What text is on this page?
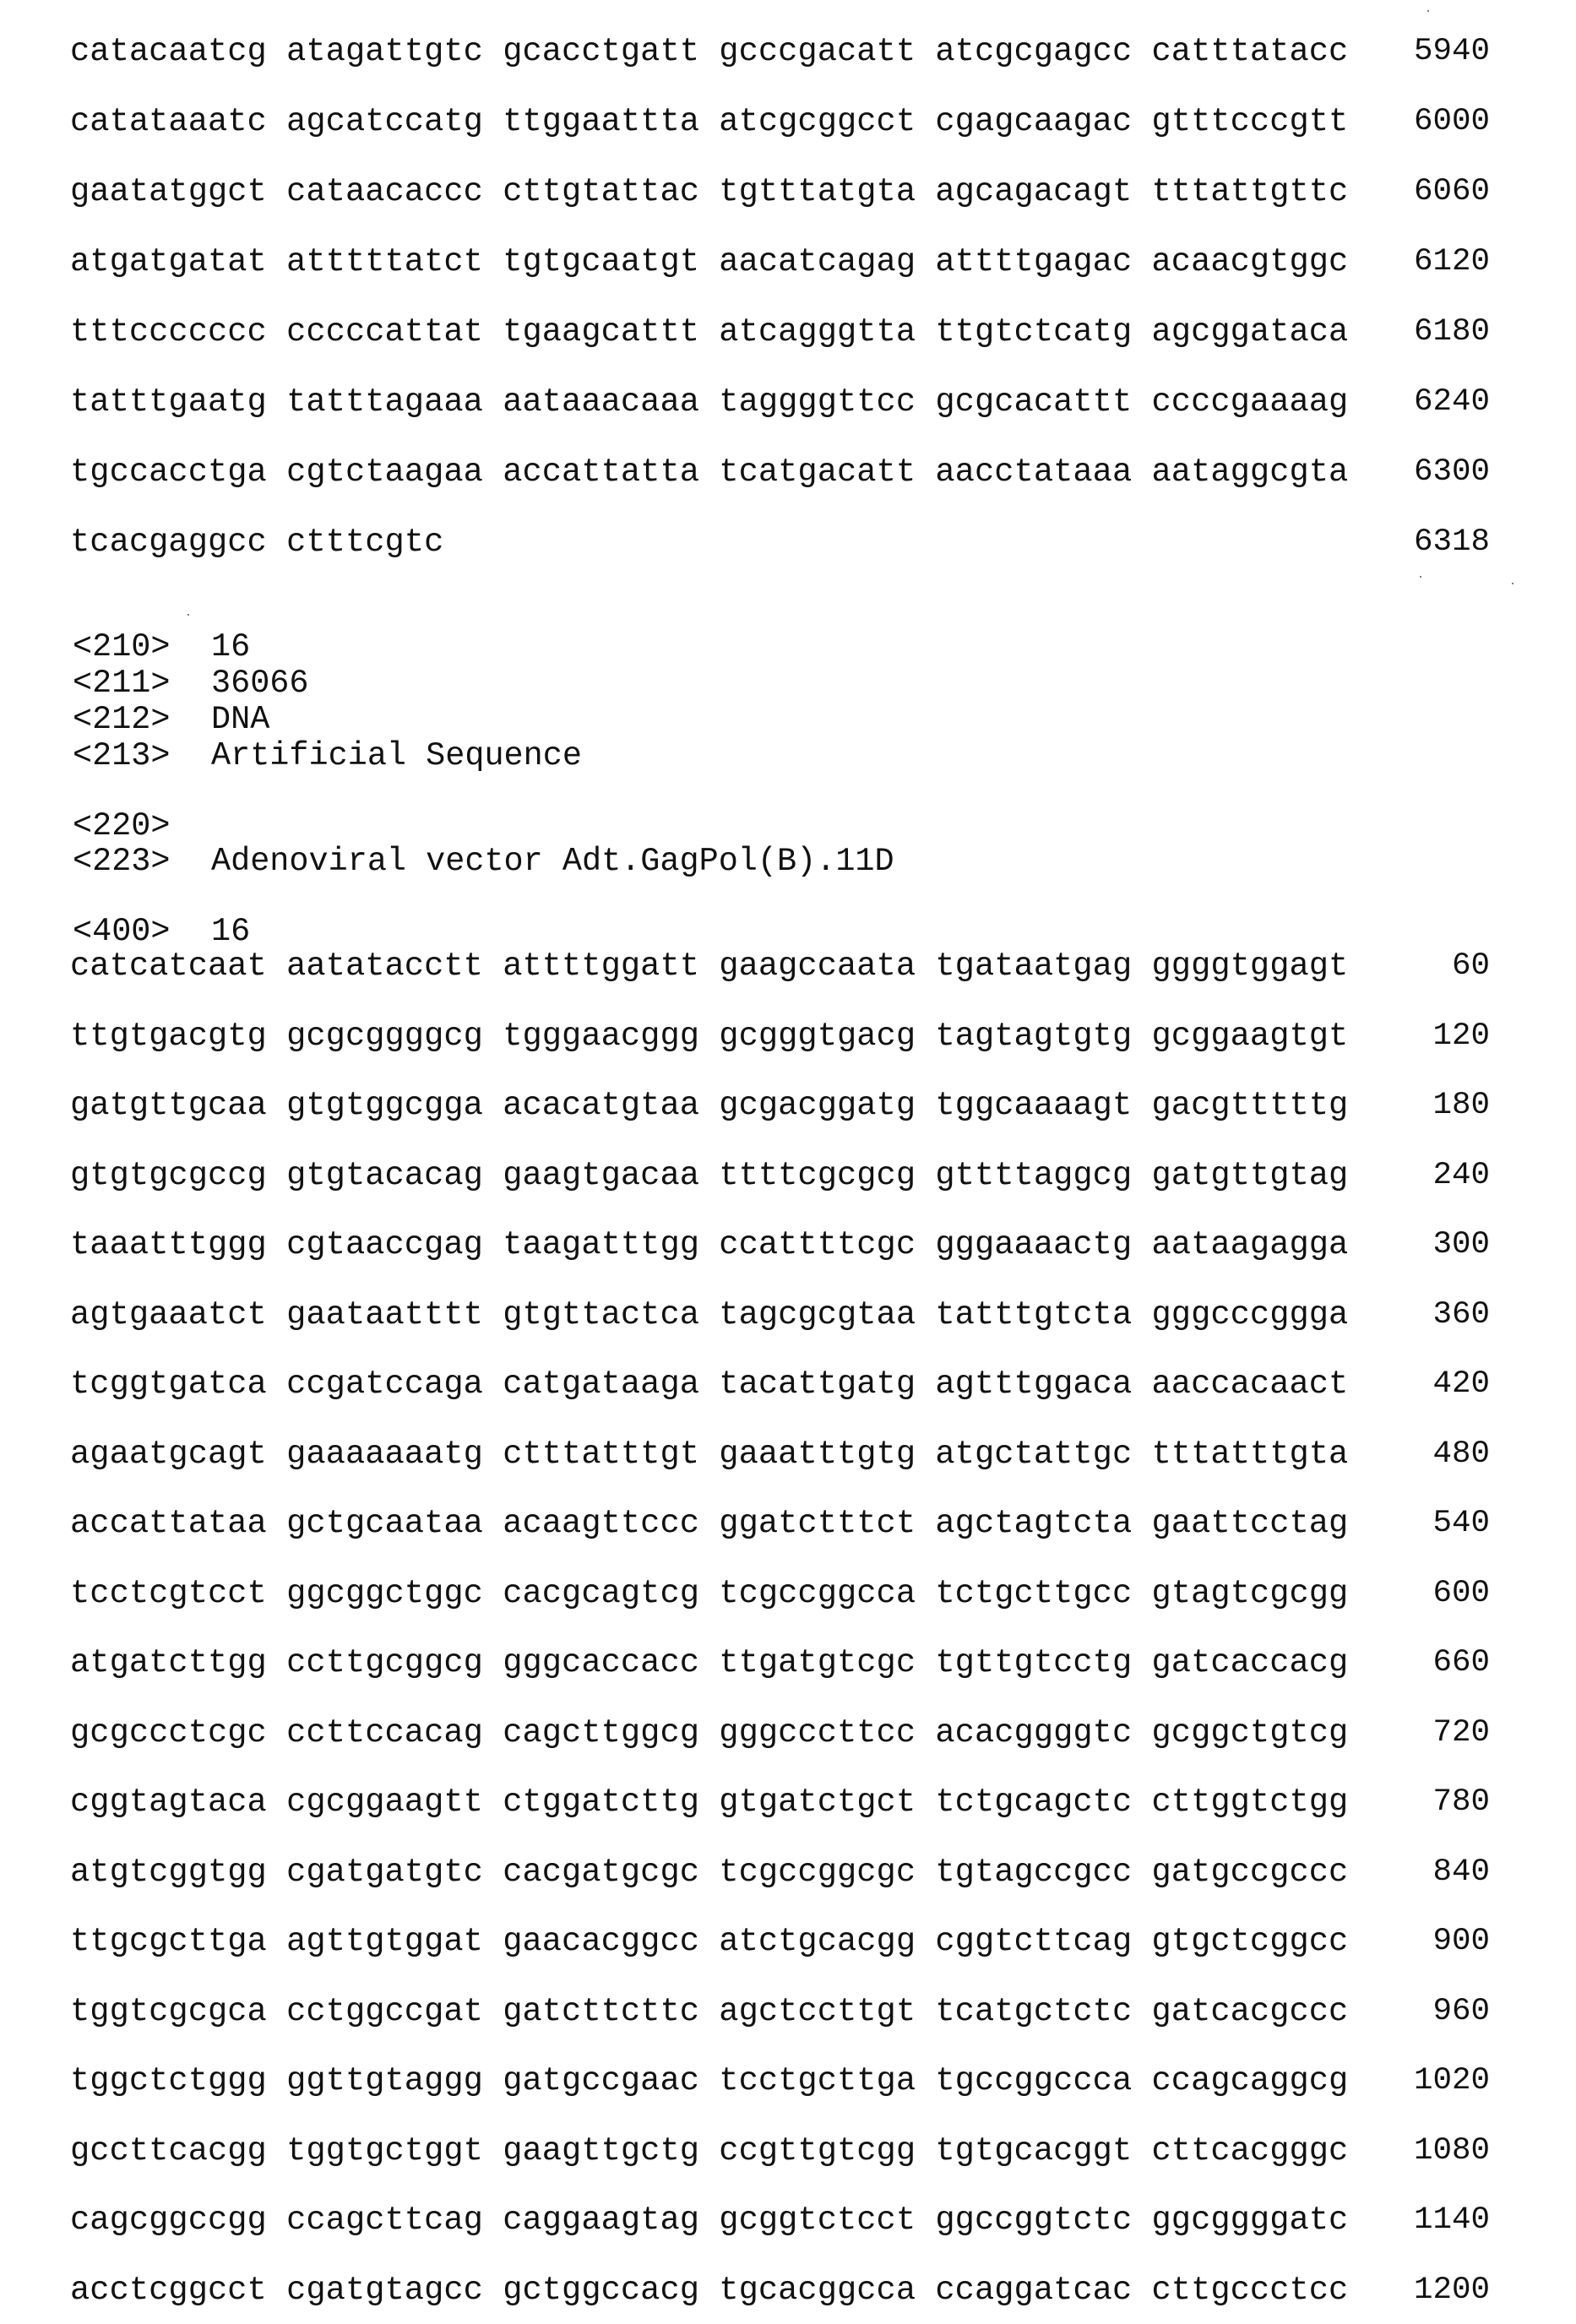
catacaatcg atagattgtc gcacctgatt gcccgacatt atcgcgagcc catttatacc 5940
catataaatc agcatccatg ttggaattta atcgcggcct cgagcaagac gtttcccgtt 6000
gaatatggct cataacaccc cttgtattac tgtttatgta agcagacagt tttattgttc 6060
atgatgatat atttttatct tgtgcaatgt aacatcagag attttgagac acaacgtggc 6120
tttccccccc cccccattat tgaagcattt atcagggtta ttgtctcatg agcggataca 6180
tatttgaatg tatttagaaa aataaacaaa taggggttcc gcgcacattt ccccgaaaag 6240
tgccacctga cgtctaagaa accattatta tcatgacatt aacctataaa aataggcgta 6300
tcacgaggcc ctttcgtc	6318
<210> 16
<211> 36066
<212> DNA
<213> Artificial Sequence
<220>
<223> Adenoviral vector Adt.GagPol(B).11D
<400> 16
catcatcaat aatatacctt attttggatt gaagccaata tgataatgag ggggtggagt	60
ttgtgacgtg gcgcggggcg tgggaacggg gcgggtgacg tagtagtgtg gcggaagtgt	120
gatgttgcaa gtgtggcgga acacatgtaa gcgacggatg tggcaaaagt gacgtttttg	180
gtgtgcgccg gtgtacacag gaagtgacaa ttttcgcgcg gttttaggcg gatgttgtag	240
taaatttggg cgtaaccgag taagatttgg ccattttcgc gggaaaactg aataagagga	300
agtgaaatct gaataatttt gtgttactca tagcgcgtaa tatttgtcta gggcccggga	360
tcggtgatca ccgatccaga catgataaga tacattgatg agtttggaca aaccacaact	420
agaatgcagt gaaaaaaatg ctttatttgt gaaatttgtg atgctattgc tttatttgta	480
accattataa gctgcaataa acaagttccc ggatctttct agctagtcta gaattcctag	540
tcctcgtcct ggcggctggc cacgcagtcg tcgccggcca tctgcttgcc gtagtcgcgg	600
atgatcttgg ccttgcggcg gggcaccacc ttgatgtcgc tgttgtcctg gatcaccacg	660
gcgccctcgc ccttccacag cagcttggcg gggcccttcc acacggggtc gcggctgtcg	720
cggtagtaca cgcggaagtt ctggatcttg gtgatctgct tctgcagctc cttggtctgg	780
atgtcggtgg cgatgatgtc cacgatgcgc tcgccggcgc tgtagccgcc gatgccgccc	840
ttgcgcttga agttgtggat gaacacggcc atctgcacgg cggtcttcag gtgctcggcc	900
tggtcgcgca cctggccgat gatcttcttc agctccttgt tcatgctctc gatcacgccc	960
tggctctggg ggttgtaggg gatgccgaac tcctgcttga tgccggccca ccagcaggcg 1020
gccttcacgg tggtgctggt gaagttgctg ccgttgtcgg tgtgcacggt cttcacgggc 1080
cagcggccgg ccagcttcag caggaagtag gcggtctcct ggccggtctc ggcggggatc 1140
acctcggcct cgatgtagcc gctggccacg tgcacggcca ccaggatcac cttgccctcc 1200
